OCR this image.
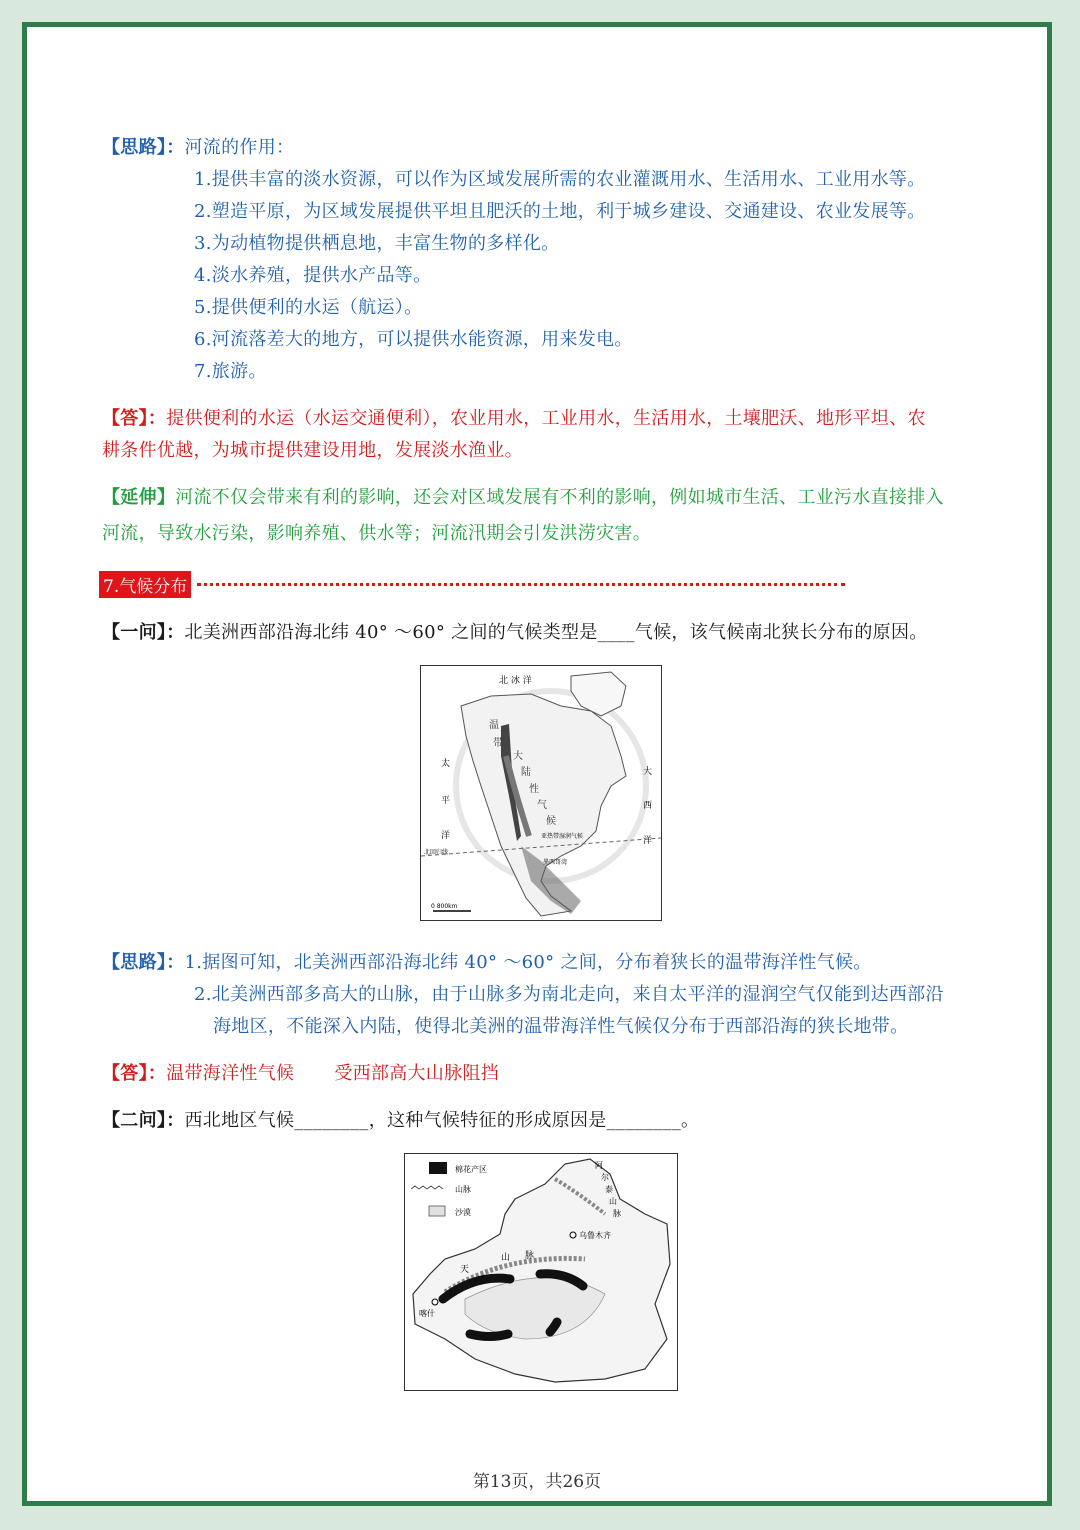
【思路】：河流的作用：
1.提供丰富的淡水资源，可以作为区域发展所需的农业灌溉用水、生活用水、工业用水等。
2.塑造平原，为区域发展提供平坦且肥沃的土地，利于城乡建设、交通建设、农业发展等。
3.为动植物提供栖息地，丰富生物的多样化。
4.淡水养殖，提供水产品等。
5.提供便利的水运（航运）。
6.河流落差大的地方，可以提供水能资源，用来发电。
7.旅游。
【答】：提供便利的水运（水运交通便利），农业用水，工业用水，生活用水，土壤肥沃、地形平坦、农
耕条件优越，为城市提供建设用地，发展淡水渔业。
【延伸】河流不仅会带来有利的影响，还会对区域发展有不利的影响，例如城市生活、工业污水直接排入
河流，导致水污染，影响养殖、供水等；河流汛期会引发洪涝灾害。
7.气候分布
【一问】：北美洲西部沿海北纬 40° ～60° 之间的气候类型是____气候，该气候南北狭长分布的原因。
北 冰 洋
太
平
洋
大
西
洋
温
带
大
陆
性
气
候
亚热带湿润气候
北回归线
墨西哥湾
0 800km
【思路】：1.据图可知，北美洲西部沿海北纬 40° ～60° 之间，分布着狭长的温带海洋性气候。
2.北美洲西部多高大的山脉，由于山脉多为南北走向，来自太平洋的湿润空气仅能到达西部沿
海地区，不能深入内陆，使得北美洲的温带海洋性气候仅分布于西部沿海的狭长地带。
【答】：温带海洋性气候 受西部高大山脉阻挡
【二问】：西北地区气候________，这种气候特征的形成原因是________。
棉花产区
山脉
沙漠
阿
尔
泰
山
脉
乌鲁木齐
天
山 脉
喀什
第13页，共26页
